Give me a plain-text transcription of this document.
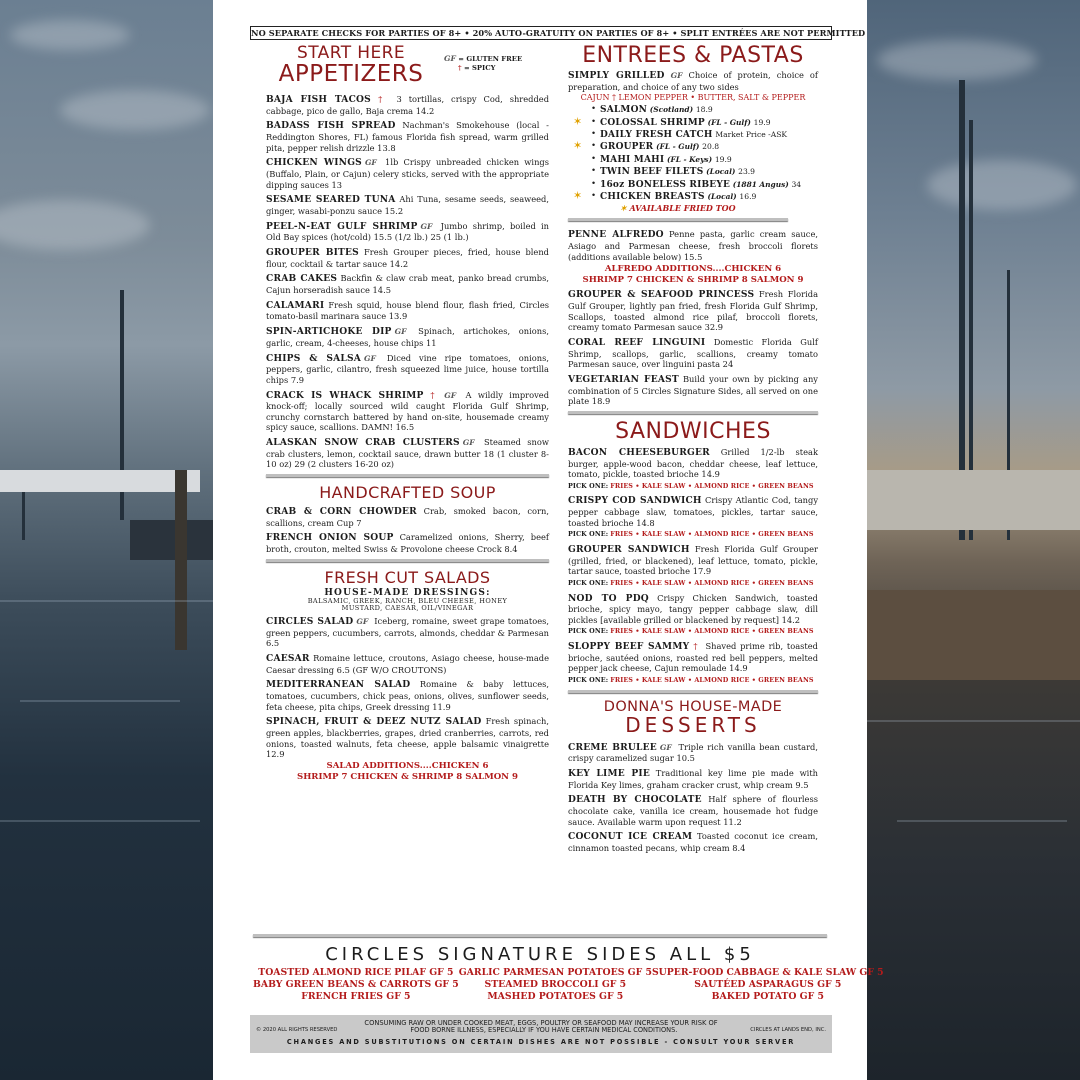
NO SEPARATE CHECKS FOR PARTIES OF 8+ • 20% AUTO-GRATUITY ON PARTIES OF 8+ • SPLIT ENTRÉES ARE NOT PERMITTED
START HERE
APPETIZERS
GF = GLUTEN FREE
† = SPICY
BAJA FISH TACOS † 3 tortillas, crispy Cod, shredded cabbage, pico de gallo, Baja crema 14.2
BADASS FISH SPREAD Nachman's Smokehouse (local - Reddington Shores, FL) famous Florida fish spread, warm grilled pita, pepper relish drizzle 13.8
CHICKEN WINGS GF 1lb Crispy unbreaded chicken wings (Buffalo, Plain, or Cajun) celery sticks, served with the appropriate dipping sauces 13
SESAME SEARED TUNA Ahi Tuna, sesame seeds, seaweed, ginger, wasabi-ponzu sauce 15.2
PEEL-N-EAT GULF SHRIMP GF Jumbo shrimp, boiled in Old Bay spices (hot/cold) 15.5 (1/2 lb.) 25 (1 lb.)
GROUPER BITES Fresh Grouper pieces, fried, house blend flour, cocktail & tartar sauce 14.2
CRAB CAKES Backfin & claw crab meat, panko bread crumbs, Cajun horseradish sauce 14.5
CALAMARI Fresh squid, house blend flour, flash fried, Circles tomato-basil marinara sauce 13.9
SPIN-ARTICHOKE DIP GF Spinach, artichokes, onions, garlic, cream, 4-cheeses, house chips 11
CHIPS & SALSA GF Diced vine ripe tomatoes, onions, peppers, garlic, cilantro, fresh squeezed lime juice, house tortilla chips 7.9
CRACK IS WHACK SHRIMP † GF A wildly improved knock-off; locally sourced wild caught Florida Gulf Shrimp, crunchy cornstarch battered by hand on-site, housemade creamy spicy sauce, scallions. DAMN! 16.5
ALASKAN SNOW CRAB CLUSTERS GF Steamed snow crab clusters, lemon, cocktail sauce, drawn butter 18 (1 cluster 8-10 oz) 29 (2 clusters 16-20 oz)
HANDCRAFTED SOUP
CRAB & CORN CHOWDER Crab, smoked bacon, corn, scallions, cream Cup 7
FRENCH ONION SOUP Caramelized onions, Sherry, beef broth, crouton, melted Swiss & Provolone cheese Crock 8.4
FRESH CUT SALADS
HOUSE-MADE DRESSINGS:
BALSAMIC, GREEK, RANCH, BLEU CHEESE, HONEY MUSTARD, CAESAR, OIL/VINEGAR
CIRCLES SALAD GF Iceberg, romaine, sweet grape tomatoes, green peppers, cucumbers, carrots, almonds, cheddar & Parmesan 6.5
CAESAR Romaine lettuce, croutons, Asiago cheese, house-made Caesar dressing 6.5 (GF W/O CROUTONS)
MEDITERRANEAN SALAD Romaine & baby lettuces, tomatoes, cucumbers, chick peas, onions, olives, sunflower seeds, feta cheese, pita chips, Greek dressing 11.9
SPINACH, FRUIT & DEEZ NUTZ SALAD Fresh spinach, green apples, blackberries, grapes, dried cranberries, carrots, red onions, toasted walnuts, feta cheese, apple balsamic vinaigrette 12.9
SALAD ADDITIONS....CHICKEN 6
SHRIMP 7 CHICKEN & SHRIMP 8 SALMON 9
ENTREES & PASTAS
SIMPLY GRILLED GF Choice of protein, choice of preparation, and choice of any two sides
CAJUN † LEMON PEPPER • BUTTER, SALT & PEPPER
• SALMON (Scotland) 18.9
• ✶ COLOSSAL SHRIMP (FL - Gulf) 19.9
• DAILY FRESH CATCH Market Price -ASK
• ✶ GROUPER (FL - Gulf) 20.8
• MAHI MAHI (FL - Keys) 19.9
• TWIN BEEF FILETS (Local) 23.9
• 16oz BONELESS RIBEYE (1881 Angus) 34
• ✶ CHICKEN BREASTS (Local) 16.9
✶ AVAILABLE FRIED TOO
PENNE ALFREDO Penne pasta, garlic cream sauce, Asiago and Parmesan cheese, fresh broccoli florets (additions available below) 15.5
ALFREDO ADDITIONS....CHICKEN 6
SHRIMP 7 CHICKEN & SHRIMP 8 SALMON 9
GROUPER & SEAFOOD PRINCESS Fresh Florida Gulf Grouper, lightly pan fried, fresh Florida Gulf Shrimp, Scallops, toasted almond rice pilaf, broccoli florets, creamy tomato Parmesan sauce 32.9
CORAL REEF LINGUINI Domestic Florida Gulf Shrimp, scallops, garlic, scallions, creamy tomato Parmesan sauce, over linguini pasta 24
VEGETARIAN FEAST Build your own by picking any combination of 5 Circles Signature Sides, all served on one plate 18.9
SANDWICHES
BACON CHEESEBURGER Grilled 1/2-lb steak burger, apple-wood bacon, cheddar cheese, leaf lettuce, tomato, pickle, toasted brioche 14.9
PICK ONE: FRIES • KALE SLAW • ALMOND RICE • GREEN BEANS
CRISPY COD SANDWICH Crispy Atlantic Cod, tangy pepper cabbage slaw, tomatoes, pickles, tartar sauce, toasted brioche 14.8
PICK ONE: FRIES • KALE SLAW • ALMOND RICE • GREEN BEANS
GROUPER SANDWICH Fresh Florida Gulf Grouper (grilled, fried, or blackened), leaf lettuce, tomato, pickle, tartar sauce, toasted brioche 17.9
PICK ONE: FRIES • KALE SLAW • ALMOND RICE • GREEN BEANS
NOD TO PDQ Crispy Chicken Sandwich, toasted brioche, spicy mayo, tangy pepper cabbage slaw, dill pickles [available grilled or blackened by request] 14.2
PICK ONE: FRIES • KALE SLAW • ALMOND RICE • GREEN BEANS
SLOPPY BEEF SAMMY † Shaved prime rib, toasted brioche, sautéed onions, roasted red bell peppers, melted pepper jack cheese, Cajun remoulade 14.9
PICK ONE: FRIES • KALE SLAW • ALMOND RICE • GREEN BEANS
DONNA'S HOUSE-MADE
DESSERTS
CREME BRULEE GF Triple rich vanilla bean custard, crispy caramelized sugar 10.5
KEY LIME PIE Traditional key lime pie made with Florida Key limes, graham cracker crust, whip cream 9.5
DEATH BY CHOCOLATE Half sphere of flourless chocolate cake, vanilla ice cream, housemade hot fudge sauce. Available warm upon request 11.2
COCONUT ICE CREAM Toasted coconut ice cream, cinnamon toasted pecans, whip cream 8.4
CIRCLES SIGNATURE SIDES ALL $5
TOASTED ALMOND RICE PILAF GF 5 GARLIC PARMESAN POTATOES GF 5 SUPER-FOOD CABBAGE & KALE SLAW GF 5
BABY GREEN BEANS & CARROTS GF 5	STEAMED BROCCOLI GF 5	SAUTÉED ASPARAGUS GF 5
FRENCH FRIES GF 5	MASHED POTATOES GF 5	BAKED POTATO GF 5
CONSUMING RAW OR UNDER COOKED MEAT, EGGS, POULTRY OR SEAFOOD MAY INCREASE YOUR RISK OF
© 2020 ALL RIGHTS RESERVED	FOOD BORNE ILLNESS, ESPECIALLY IF YOU HAVE CERTAIN MEDICAL CONDITIONS.	CIRCLES AT LANDS END, INC.
CHANGES AND SUBSTITUTIONS ON CERTAIN DISHES ARE NOT POSSIBLE - CONSULT YOUR SERVER
